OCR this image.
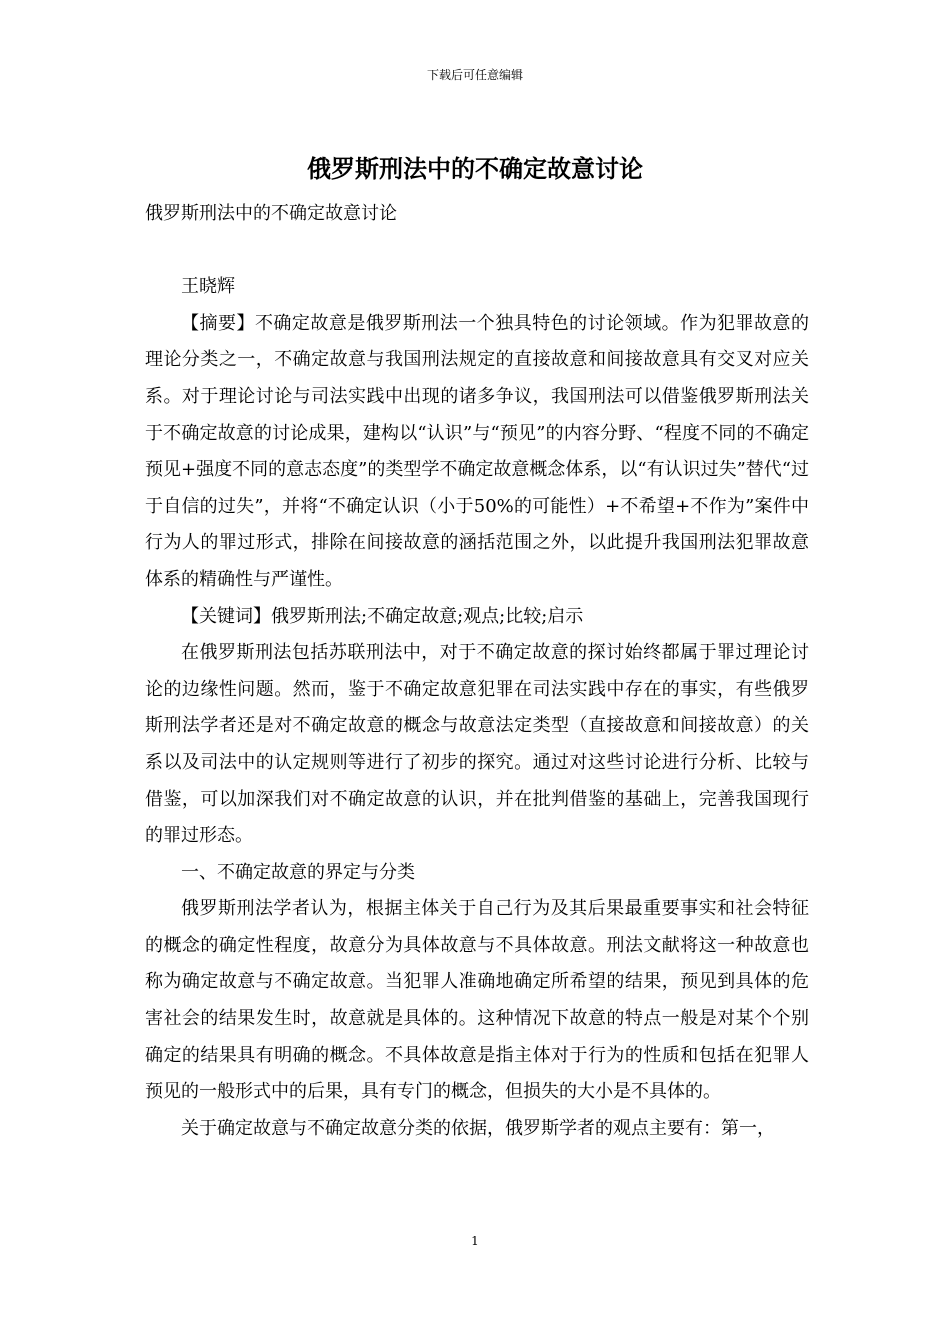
下载后可任意编辑
俄罗斯刑法中的不确定故意讨论

俄罗斯刑法中的不确定故意讨论

王晓辉

【摘要】不确定故意是俄罗斯刑法一个独具特色的讨论领域。作为犯罪故意的理论分类之一，不确定故意与我国刑法规定的直接故意和间接故意具有交叉对应关系。对于理论讨论与司法实践中出现的诸多争议，我国刑法可以借鉴俄罗斯刑法关于不确定故意的讨论成果，建构以“认识”与“预见”的内容分野、“程度不同的不确定预见+强度不同的意志态度”的类型学不确定故意概念体系，以“有认识过失”替代“过于自信的过失”，并将“不确定认识（小于50%的可能性）+不希望+不作为”案件中行为人的罪过形式，排除在间接故意的涵括范围之外，以此提升我国刑法犯罪故意体系的精确性与严谨性。

【关键词】俄罗斯刑法;不确定故意;观点;比较;启示

在俄罗斯刑法包括苏联刑法中，对于不确定故意的探讨始终都属于罪过理论讨论的边缘性问题。然而，鉴于不确定故意犯罪在司法实践中存在的事实，有些俄罗斯刑法学者还是对不确定故意的概念与故意法定类型（直接故意和间接故意）的关系以及司法中的认定规则等进行了初步的探究。通过对这些讨论进行分析、比较与借鉴，可以加深我们对不确定故意的认识，并在批判借鉴的基础上，完善我国现行的罪过形态。

一、不确定故意的界定与分类

俄罗斯刑法学者认为，根据主体关于自己行为及其后果最重要事实和社会特征的概念的确定性程度，故意分为具体故意与不具体故意。刑法文献将这一种故意也称为确定故意与不确定故意。当犯罪人准确地确定所希望的结果，预见到具体的危害社会的结果发生时，故意就是具体的。这种情况下故意的特点一般是对某个个别确定的结果具有明确的概念。不具体故意是指主体对于行为的性质和包括在犯罪人预见的一般形式中的后果，具有专门的概念，但损失的大小是不具体的。

关于确定故意与不确定故意分类的依据，俄罗斯学者的观点主要有：第一，

1
